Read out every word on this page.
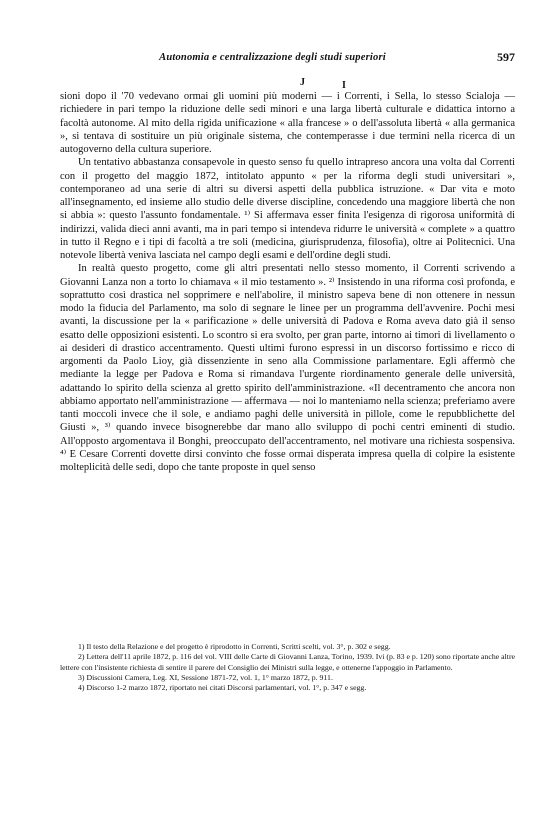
Autonomia e centralizzazione degli studi superiori	597
J	I

sioni dopo il '70 vedevano ormai gli uomini più moderni — i Correnti, i Sella, lo stesso Scialoja — richiedere in pari tempo la riduzione delle sedi minori e una larga libertà culturale e didattica intorno a facoltà autonome. Al mito della rigida unificazione « alla francese » o dell'assoluta libertà « alla germanica », si tentava di sostituire un più originale sistema, che contemperasse i due termini nella ricerca di un autogoverno della cultura superiore.

Un tentativo abbastanza consapevole in questo senso fu quello intrapreso ancora una volta dal Correnti con il progetto del maggio 1872, intitolato appunto « per la riforma degli studi universitari », contemporaneo ad una serie di altri su diversi aspetti della pubblica istruzione. « Dar vita e moto all'insegnamento, ed insieme allo studio delle diverse discipline, concedendo una maggiore libertà che non si abbia »: questo l'assunto fondamentale. ¹⁾ Si affermava esser finita l'esigenza di rigorosa uniformità di indirizzi, valida dieci anni avanti, ma in pari tempo si intendeva ridurre le università « complete » a quattro in tutto il Regno e i tipi di facoltà a tre soli (medicina, giurisprudenza, filosofia), oltre ai Politecnici. Una notevole libertà veniva lasciata nel campo degli esami e dell'ordine degli studi.

In realtà questo progetto, come gli altri presentati nello stesso momento, il Correnti scrivendo a Giovanni Lanza non a torto lo chiamava « il mio testamento ». ²⁾ Insistendo in una riforma così profonda, e soprattutto così drastica nel sopprimere e nell'abolire, il ministro sapeva bene di non ottenere in nessun modo la fiducia del Parlamento, ma solo di segnare le linee per un programma dell'avvenire. Pochi mesi avanti, la discussione per la « parificazione » delle università di Padova e Roma aveva dato già il senso esatto delle opposizioni esistenti. Lo scontro si era svolto, per gran parte, intorno ai timori di livellamento o ai desideri di drastico accentramento. Questi ultimi furono espressi in un discorso fortissimo e ricco di argomenti da Paolo Lioy, già dissenziente in seno alla Commissione parlamentare. Egli affermò che mediante la legge per Padova e Roma si rimandava l'urgente riordinamento generale delle università, adattando lo spirito della scienza al gretto spirito dell'amministrazione. «Il decentramento che ancora non abbiamo apportato nell'amministrazione — affermava — noi lo manteniamo nella scienza; preferiamo avere tanti moccoli invece che il sole, e andiamo paghi delle università in pillole, come le repubblichette del Giusti », ³⁾ quando invece bisognerebbe dar mano allo sviluppo di pochi centri eminenti di studio. All'opposto argomentava il Bonghi, preoccupato dell'accentramento, nel motivare una richiesta sospensiva. ⁴⁾ E Cesare Correnti dovette dirsi convinto che fosse ormai disperata impresa quella di colpire la esistente molteplicità delle sedi, dopo che tante proposte in quel senso

1) Il testo della Relazione e del progetto è riprodotto in Correnti, Scritti scelti, vol. 3°, p. 302 e segg.

2) Lettera dell'11 aprile 1872, p. 116 del vol. VIII delle Carte di Giovanni Lanza, Torino, 1939. Ivi (p. 83 e p. 120) sono riportate anche altre lettere con l'insistente richiesta di sentire il parere del Consiglio dei Ministri sulla legge, e ottenerne l'appoggio in Parlamento.

3) Discussioni Camera, Leg. XI, Sessione 1871-72, vol. 1, 1° marzo 1872, p. 911.

4) Discorso 1-2 marzo 1872, riportato nei citati Discorsi parlamentari, vol. 1°, p. 347 e segg.
